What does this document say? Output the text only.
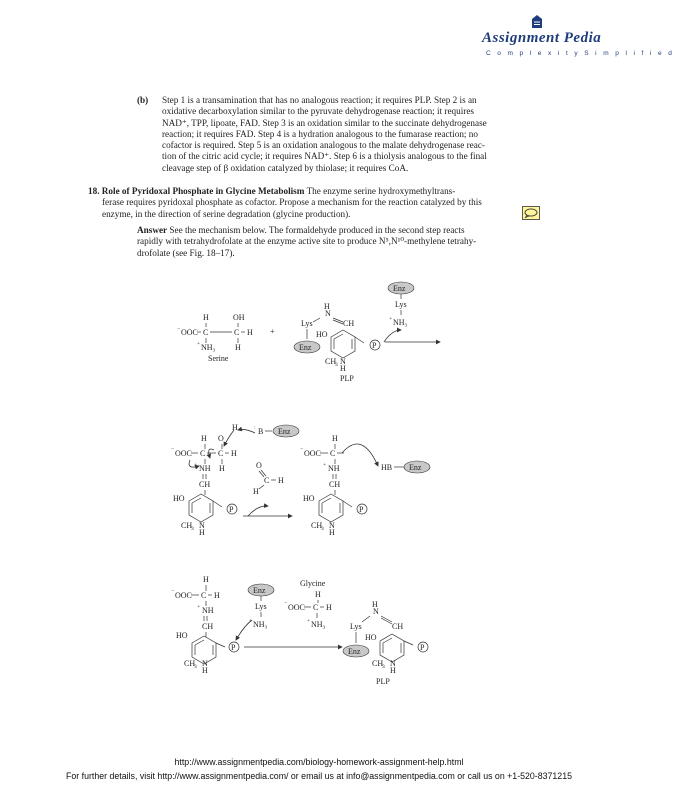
Assignment Pedia
C o m p l e x i t y S i m p l i f i e d
(b) Step 1 is a transamination that has no analogous reaction; it requires PLP. Step 2 is an
oxidative decarboxylation similar to the pyruvate dehydrogenase reaction; it requires
NAD⁺, TPP, lipoate, FAD. Step 3 is an oxidation similar to the succinate dehydrogenase
reaction; it requires FAD. Step 4 is a hydration analogous to the fumarase reaction; no
cofactor is required. Step 5 is an oxidation analogous to the malate dehydrogenase reac-
tion of the citric acid cycle; it requires NAD⁺. Step 6 is a thiolysis analogous to the final
cleavage step of β oxidation catalyzed by thiolase; it requires CoA.
18. Role of Pyridoxal Phosphate in Glycine Metabolism The enzyme serine hydroxymethyltrans-
ferase requires pyridoxal phosphate as cofactor. Propose a mechanism for the reaction catalyzed by this
enzyme, in the direction of serine degradation (glycine production).
Answer See the mechanism below. The formaldehyde produced in the second step reacts
rapidly with tetrahydrofolate at the enzyme active site to produce N⁵,N¹⁰-methylene tetrahy-
drofolate (see Fig. 18–17).
H	OH
− OOC C	C H
+ NH₃ H
Serine
+
H
N
Lys	CH
Enz
HO
P
CH
3 N
H
PLP
Enz
Lys
+ NH₃
H
H O
− OOC C C H
+ NH H
CH
HO
P
CH
3 N
H
: B Enz
O
C H
H
H
− OOC C
+ NH
CH
HO
P
CH
3 N
H
HB Enz
H
− OOC C H
+ NH
CH
HO
P
CH
3 N
H
Enz
Lys
+ NH₃
Glycine
H
− OOC C H
+ NH₃
H
N
Lys	CH
Enz
HO
P
CH
3 N
H
PLP
http://www.assignmentpedia.com/biology-homework-assignment-help.html
For further details, visit http://www.assignmentpedia.com/ or email us at info@assignmentpedia.com or call us on +1-520-8371215
